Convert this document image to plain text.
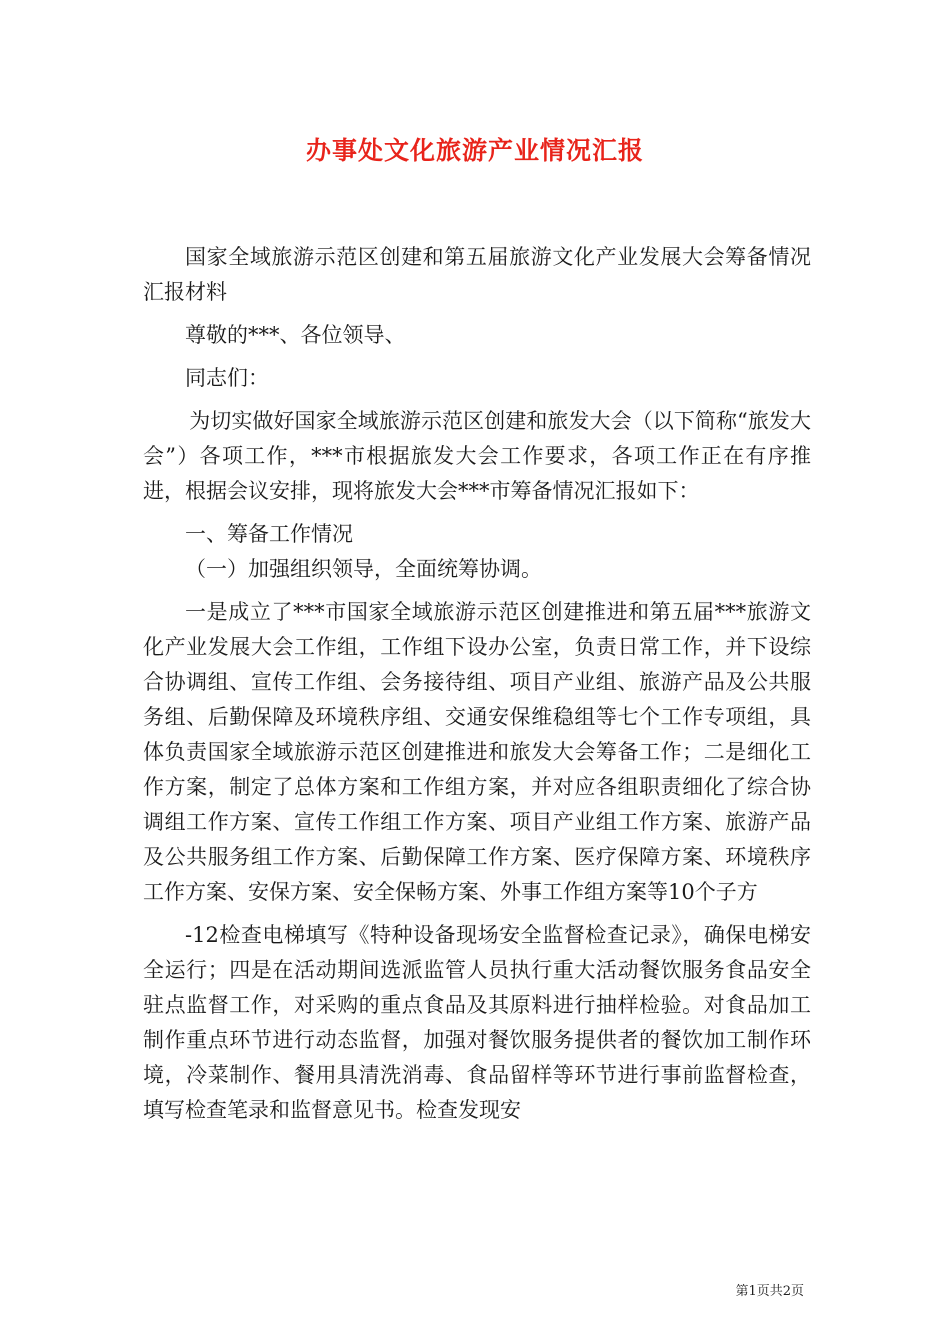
办事处文化旅游产业情况汇报

国家全域旅游示范区创建和第五届旅游文化产业发展大会筹备情况汇报材料

尊敬的***、各位领导、

同志们：

为切实做好国家全域旅游示范区创建和旅发大会（以下简称“旅发大会”）各项工作，***市根据旅发大会工作要求，各项工作正在有序推进，根据会议安排，现将旅发大会***市筹备情况汇报如下：

一、筹备工作情况

（一）加强组织领导，全面统筹协调。

一是成立了***市国家全域旅游示范区创建推进和第五届***旅游文化产业发展大会工作组，工作组下设办公室，负责日常工作，并下设综合协调组、宣传工作组、会务接待组、项目产业组、旅游产品及公共服务组、后勤保障及环境秩序组、交通安保维稳组等七个工作专项组，具体负责国家全域旅游示范区创建推进和旅发大会筹备工作；二是细化工作方案，制定了总体方案和工作组方案，并对应各组职责细化了综合协调组工作方案、宣传工作组工作方案、项目产业组工作方案、旅游产品及公共服务组工作方案、后勤保障工作方案、医疗保障方案、环境秩序工作方案、安保方案、安全保畅方案、外事工作组方案等10个子方

-12检查电梯填写《特种设备现场安全监督检查记录》，确保电梯安全运行；四是在活动期间选派监管人员执行重大活动餐饮服务食品安全驻点监督工作，对采购的重点食品及其原料进行抽样检验。对食品加工制作重点环节进行动态监督，加强对餐饮服务提供者的餐饮加工制作环境，冷菜制作、餐用具清洗消毒、食品留样等环节进行事前监督检查，填写检查笔录和监督意见书。检查发现安

第1页共2页
